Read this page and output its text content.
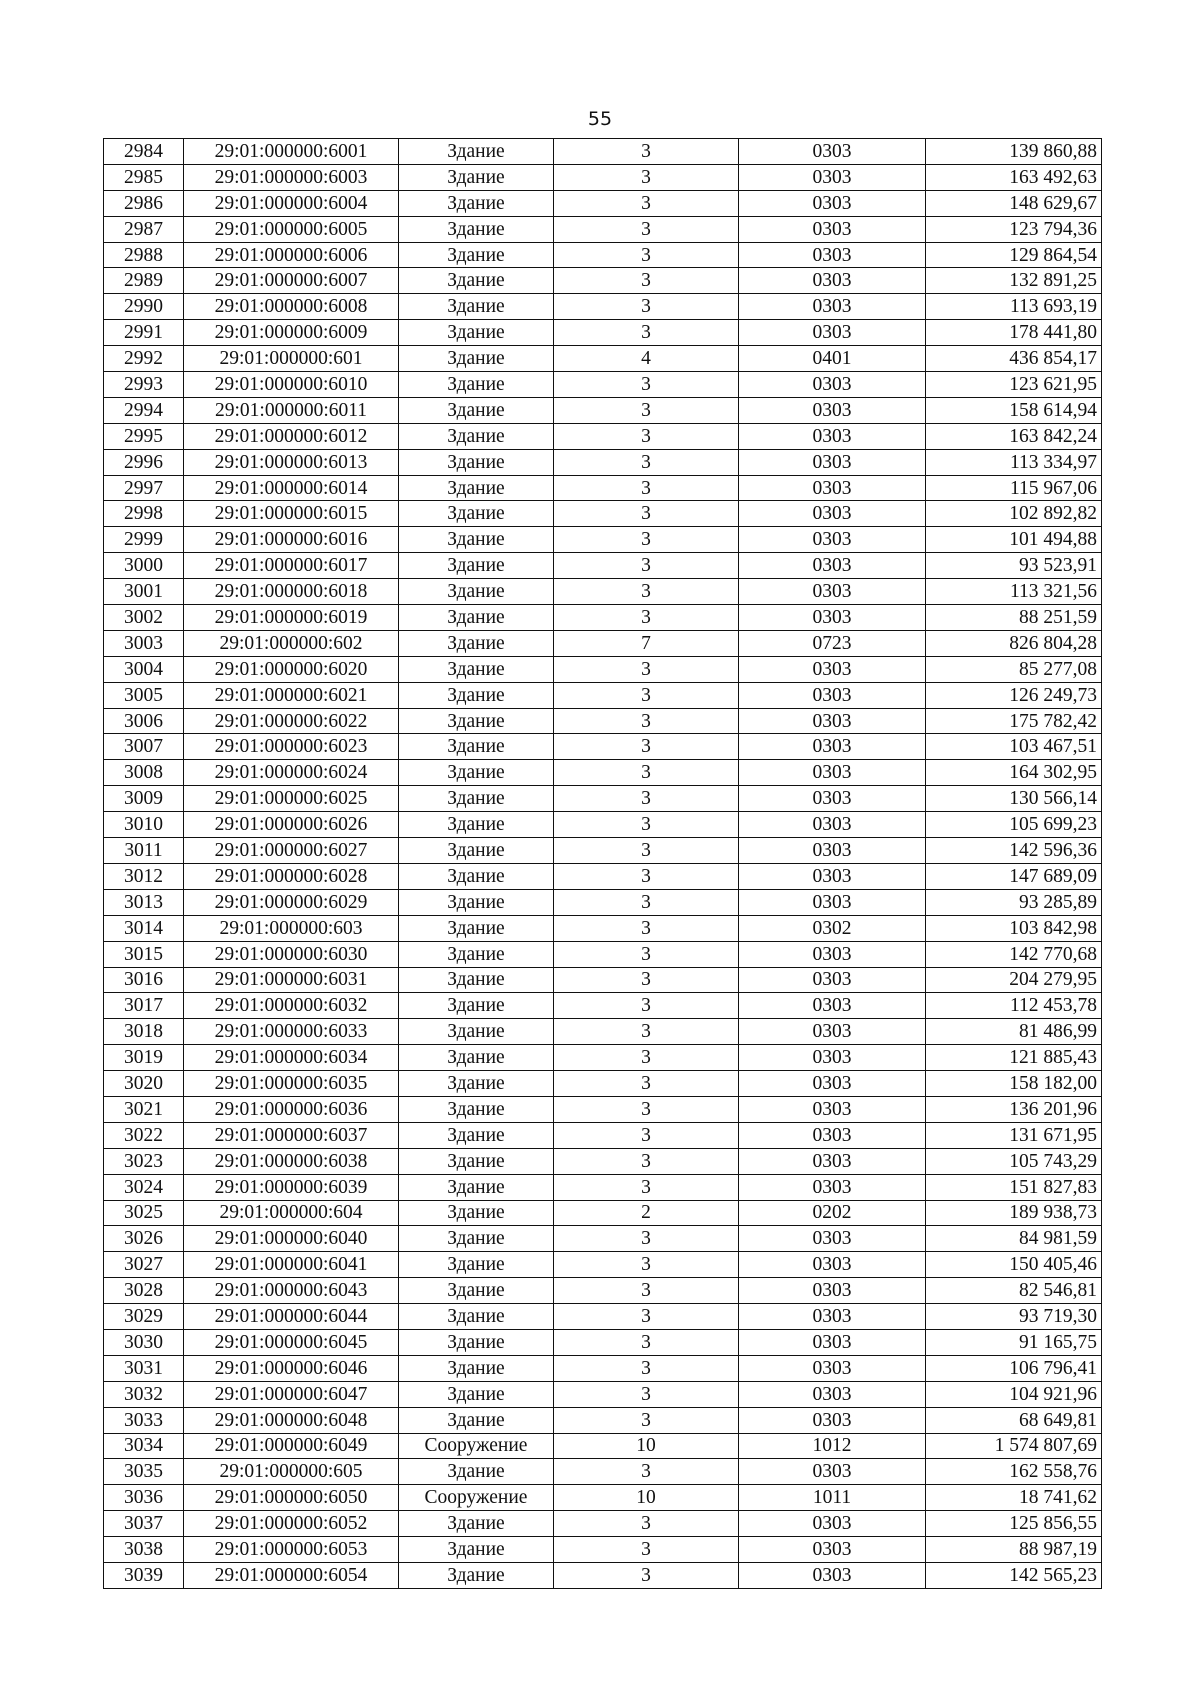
55
2984	29:01:000000:6001	Здание	3	0303	139 860,88
2985	29:01:000000:6003	Здание	3	0303	163 492,63
2986	29:01:000000:6004	Здание	3	0303	148 629,67
2987	29:01:000000:6005	Здание	3	0303	123 794,36
2988	29:01:000000:6006	Здание	3	0303	129 864,54
2989	29:01:000000:6007	Здание	3	0303	132 891,25
2990	29:01:000000:6008	Здание	3	0303	113 693,19
2991	29:01:000000:6009	Здание	3	0303	178 441,80
2992	29:01:000000:601	Здание	4	0401	436 854,17
2993	29:01:000000:6010	Здание	3	0303	123 621,95
2994	29:01:000000:6011	Здание	3	0303	158 614,94
2995	29:01:000000:6012	Здание	3	0303	163 842,24
2996	29:01:000000:6013	Здание	3	0303	113 334,97
2997	29:01:000000:6014	Здание	3	0303	115 967,06
2998	29:01:000000:6015	Здание	3	0303	102 892,82
2999	29:01:000000:6016	Здание	3	0303	101 494,88
3000	29:01:000000:6017	Здание	3	0303	93 523,91
3001	29:01:000000:6018	Здание	3	0303	113 321,56
3002	29:01:000000:6019	Здание	3	0303	88 251,59
3003	29:01:000000:602	Здание	7	0723	826 804,28
3004	29:01:000000:6020	Здание	3	0303	85 277,08
3005	29:01:000000:6021	Здание	3	0303	126 249,73
3006	29:01:000000:6022	Здание	3	0303	175 782,42
3007	29:01:000000:6023	Здание	3	0303	103 467,51
3008	29:01:000000:6024	Здание	3	0303	164 302,95
3009	29:01:000000:6025	Здание	3	0303	130 566,14
3010	29:01:000000:6026	Здание	3	0303	105 699,23
3011	29:01:000000:6027	Здание	3	0303	142 596,36
3012	29:01:000000:6028	Здание	3	0303	147 689,09
3013	29:01:000000:6029	Здание	3	0303	93 285,89
3014	29:01:000000:603	Здание	3	0302	103 842,98
3015	29:01:000000:6030	Здание	3	0303	142 770,68
3016	29:01:000000:6031	Здание	3	0303	204 279,95
3017	29:01:000000:6032	Здание	3	0303	112 453,78
3018	29:01:000000:6033	Здание	3	0303	81 486,99
3019	29:01:000000:6034	Здание	3	0303	121 885,43
3020	29:01:000000:6035	Здание	3	0303	158 182,00
3021	29:01:000000:6036	Здание	3	0303	136 201,96
3022	29:01:000000:6037	Здание	3	0303	131 671,95
3023	29:01:000000:6038	Здание	3	0303	105 743,29
3024	29:01:000000:6039	Здание	3	0303	151 827,83
3025	29:01:000000:604	Здание	2	0202	189 938,73
3026	29:01:000000:6040	Здание	3	0303	84 981,59
3027	29:01:000000:6041	Здание	3	0303	150 405,46
3028	29:01:000000:6043	Здание	3	0303	82 546,81
3029	29:01:000000:6044	Здание	3	0303	93 719,30
3030	29:01:000000:6045	Здание	3	0303	91 165,75
3031	29:01:000000:6046	Здание	3	0303	106 796,41
3032	29:01:000000:6047	Здание	3	0303	104 921,96
3033	29:01:000000:6048	Здание	3	0303	68 649,81
3034	29:01:000000:6049	Сооружение	10	1012	1 574 807,69
3035	29:01:000000:605	Здание	3	0303	162 558,76
3036	29:01:000000:6050	Сооружение	10	1011	18 741,62
3037	29:01:000000:6052	Здание	3	0303	125 856,55
3038	29:01:000000:6053	Здание	3	0303	88 987,19
3039	29:01:000000:6054	Здание	3	0303	142 565,23
